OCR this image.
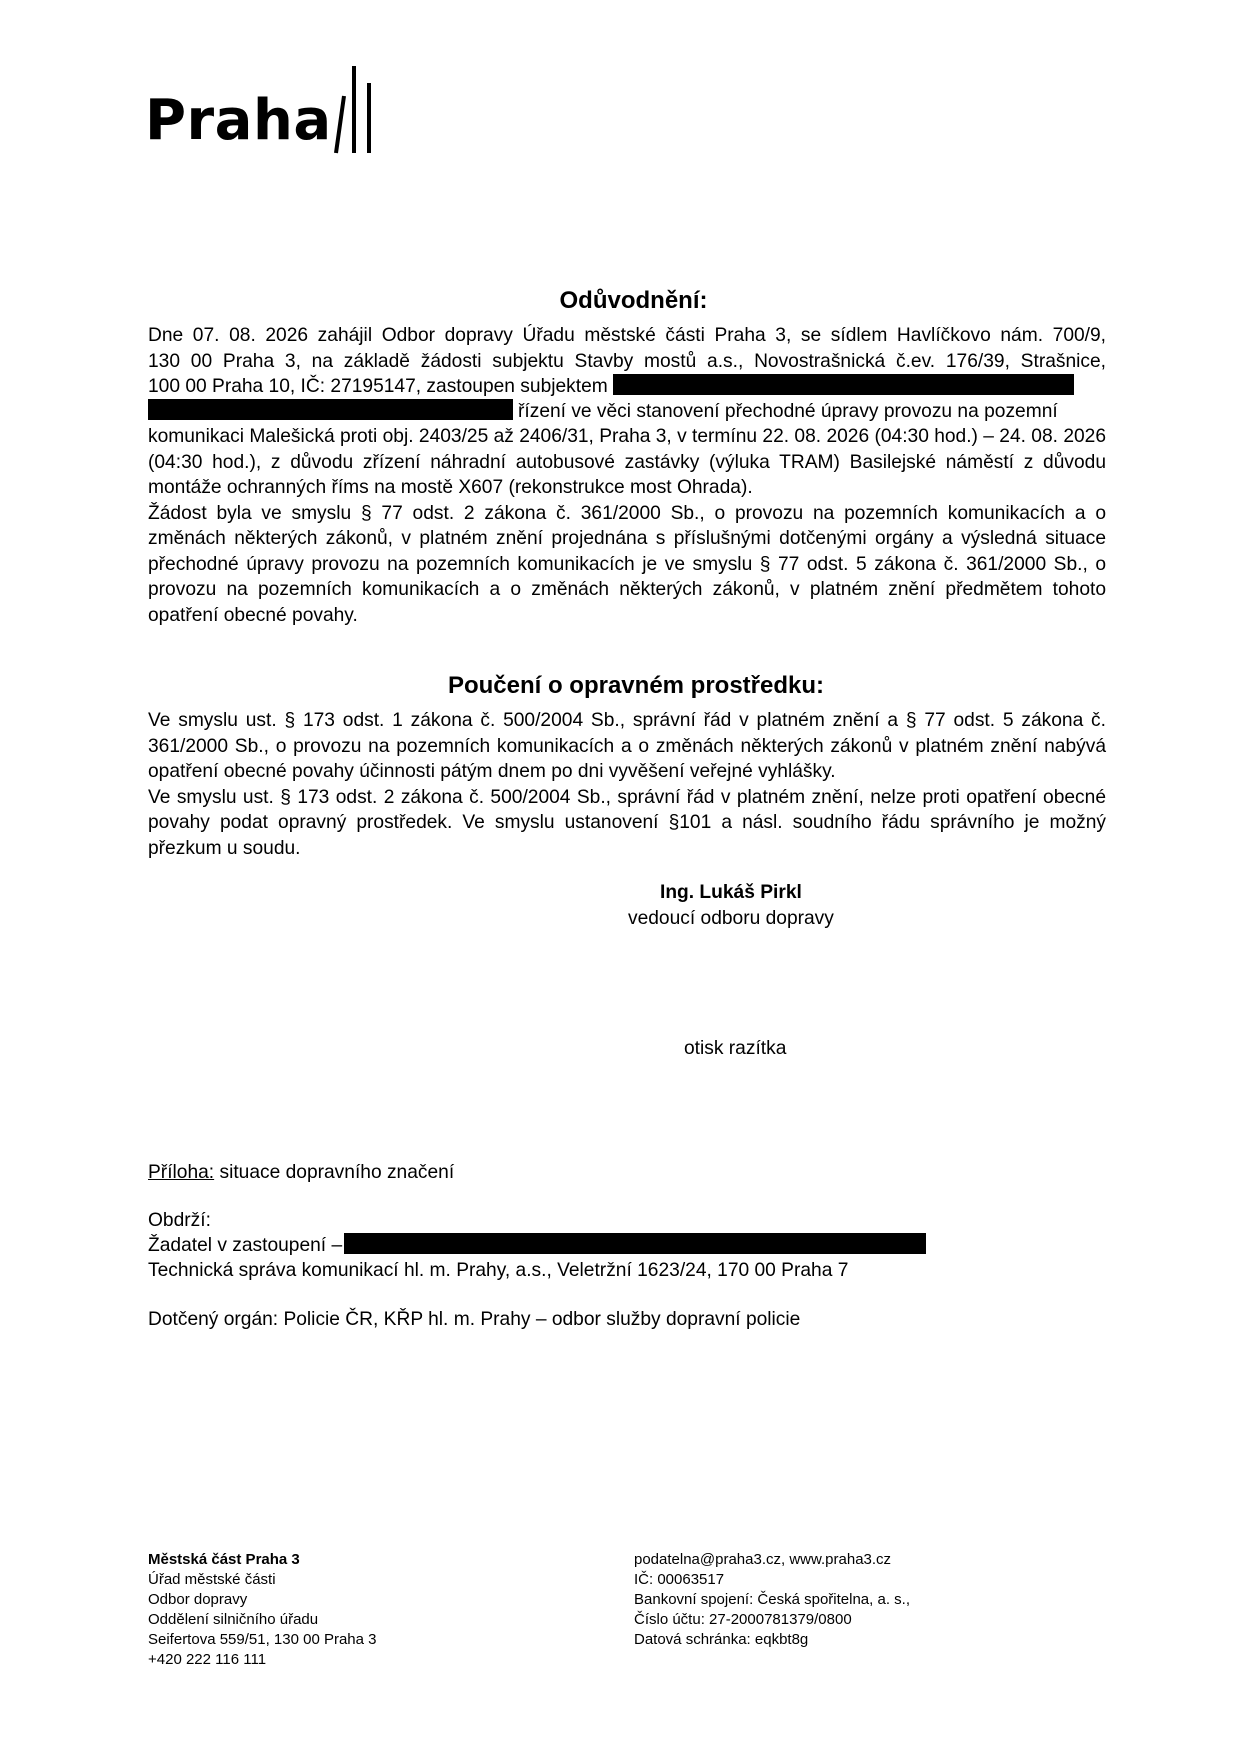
Praha
Odůvodnění:
Dne 07. 08. 2026 zahájil Odbor dopravy Úřadu městské části Praha 3, se sídlem Havlíčkovo nám. 700/9,
130 00 Praha 3, na základě žádosti subjektu Stavby mostů a.s., Novostrašnická č.ev. 176/39, Strašnice,
100 00 Praha 10, IČ: 27195147, zastoupen subjektem
řízení ve věci stanovení přechodné úpravy provozu na pozemní
komunikaci Malešická proti obj. 2403/25 až 2406/31, Praha 3, v termínu 22. 08. 2026 (04:30 hod.) – 24. 08. 2026 (04:30 hod.), z důvodu zřízení náhradní autobusové zastávky (výluka TRAM) Basilejské náměstí z důvodu montáže ochranných říms na mostě X607 (rekonstrukce most Ohrada).
Žádost byla ve smyslu § 77 odst. 2 zákona č. 361/2000 Sb., o provozu na pozemních komunikacích a o změnách některých zákonů, v platném znění projednána s příslušnými dotčenými orgány a výsledná situace přechodné úpravy provozu na pozemních komunikacích je ve smyslu § 77 odst. 5 zákona č. 361/2000 Sb., o provozu na pozemních komunikacích a o změnách některých zákonů, v platném znění předmětem tohoto opatření obecné povahy.
Poučení o opravném prostředku:
Ve smyslu ust. § 173 odst. 1 zákona č. 500/2004 Sb., správní řád v platném znění a § 77 odst. 5 zákona č. 361/2000 Sb., o provozu na pozemních komunikacích a o změnách některých zákonů v platném znění nabývá opatření obecné povahy účinnosti pátým dnem po dni vyvěšení veřejné vyhlášky.
Ve smyslu ust. § 173 odst. 2 zákona č. 500/2004 Sb., správní řád v platném znění, nelze proti opatření obecné povahy podat opravný prostředek. Ve smyslu ustanovení §101 a násl. soudního řádu správního je možný přezkum u soudu.
Ing. Lukáš Pirkl
vedoucí odboru dopravy
otisk razítka
Příloha: situace dopravního značení
Obdrží:
Žadatel v zastoupení –
Technická správa komunikací hl. m. Prahy, a.s., Veletržní 1623/24, 170 00 Praha 7
Dotčený orgán: Policie ČR, KŘP hl. m. Prahy – odbor služby dopravní policie
Městská část Praha 3
Úřad městské části
Odbor dopravy
Oddělení silničního úřadu
Seifertova 559/51, 130 00 Praha 3
+420 222 116 111
podatelna@praha3.cz, www.praha3.cz
IČ: 00063517
Bankovní spojení: Česká spořitelna, a. s.,
Číslo účtu: 27-2000781379/0800
Datová schránka: eqkbt8g
